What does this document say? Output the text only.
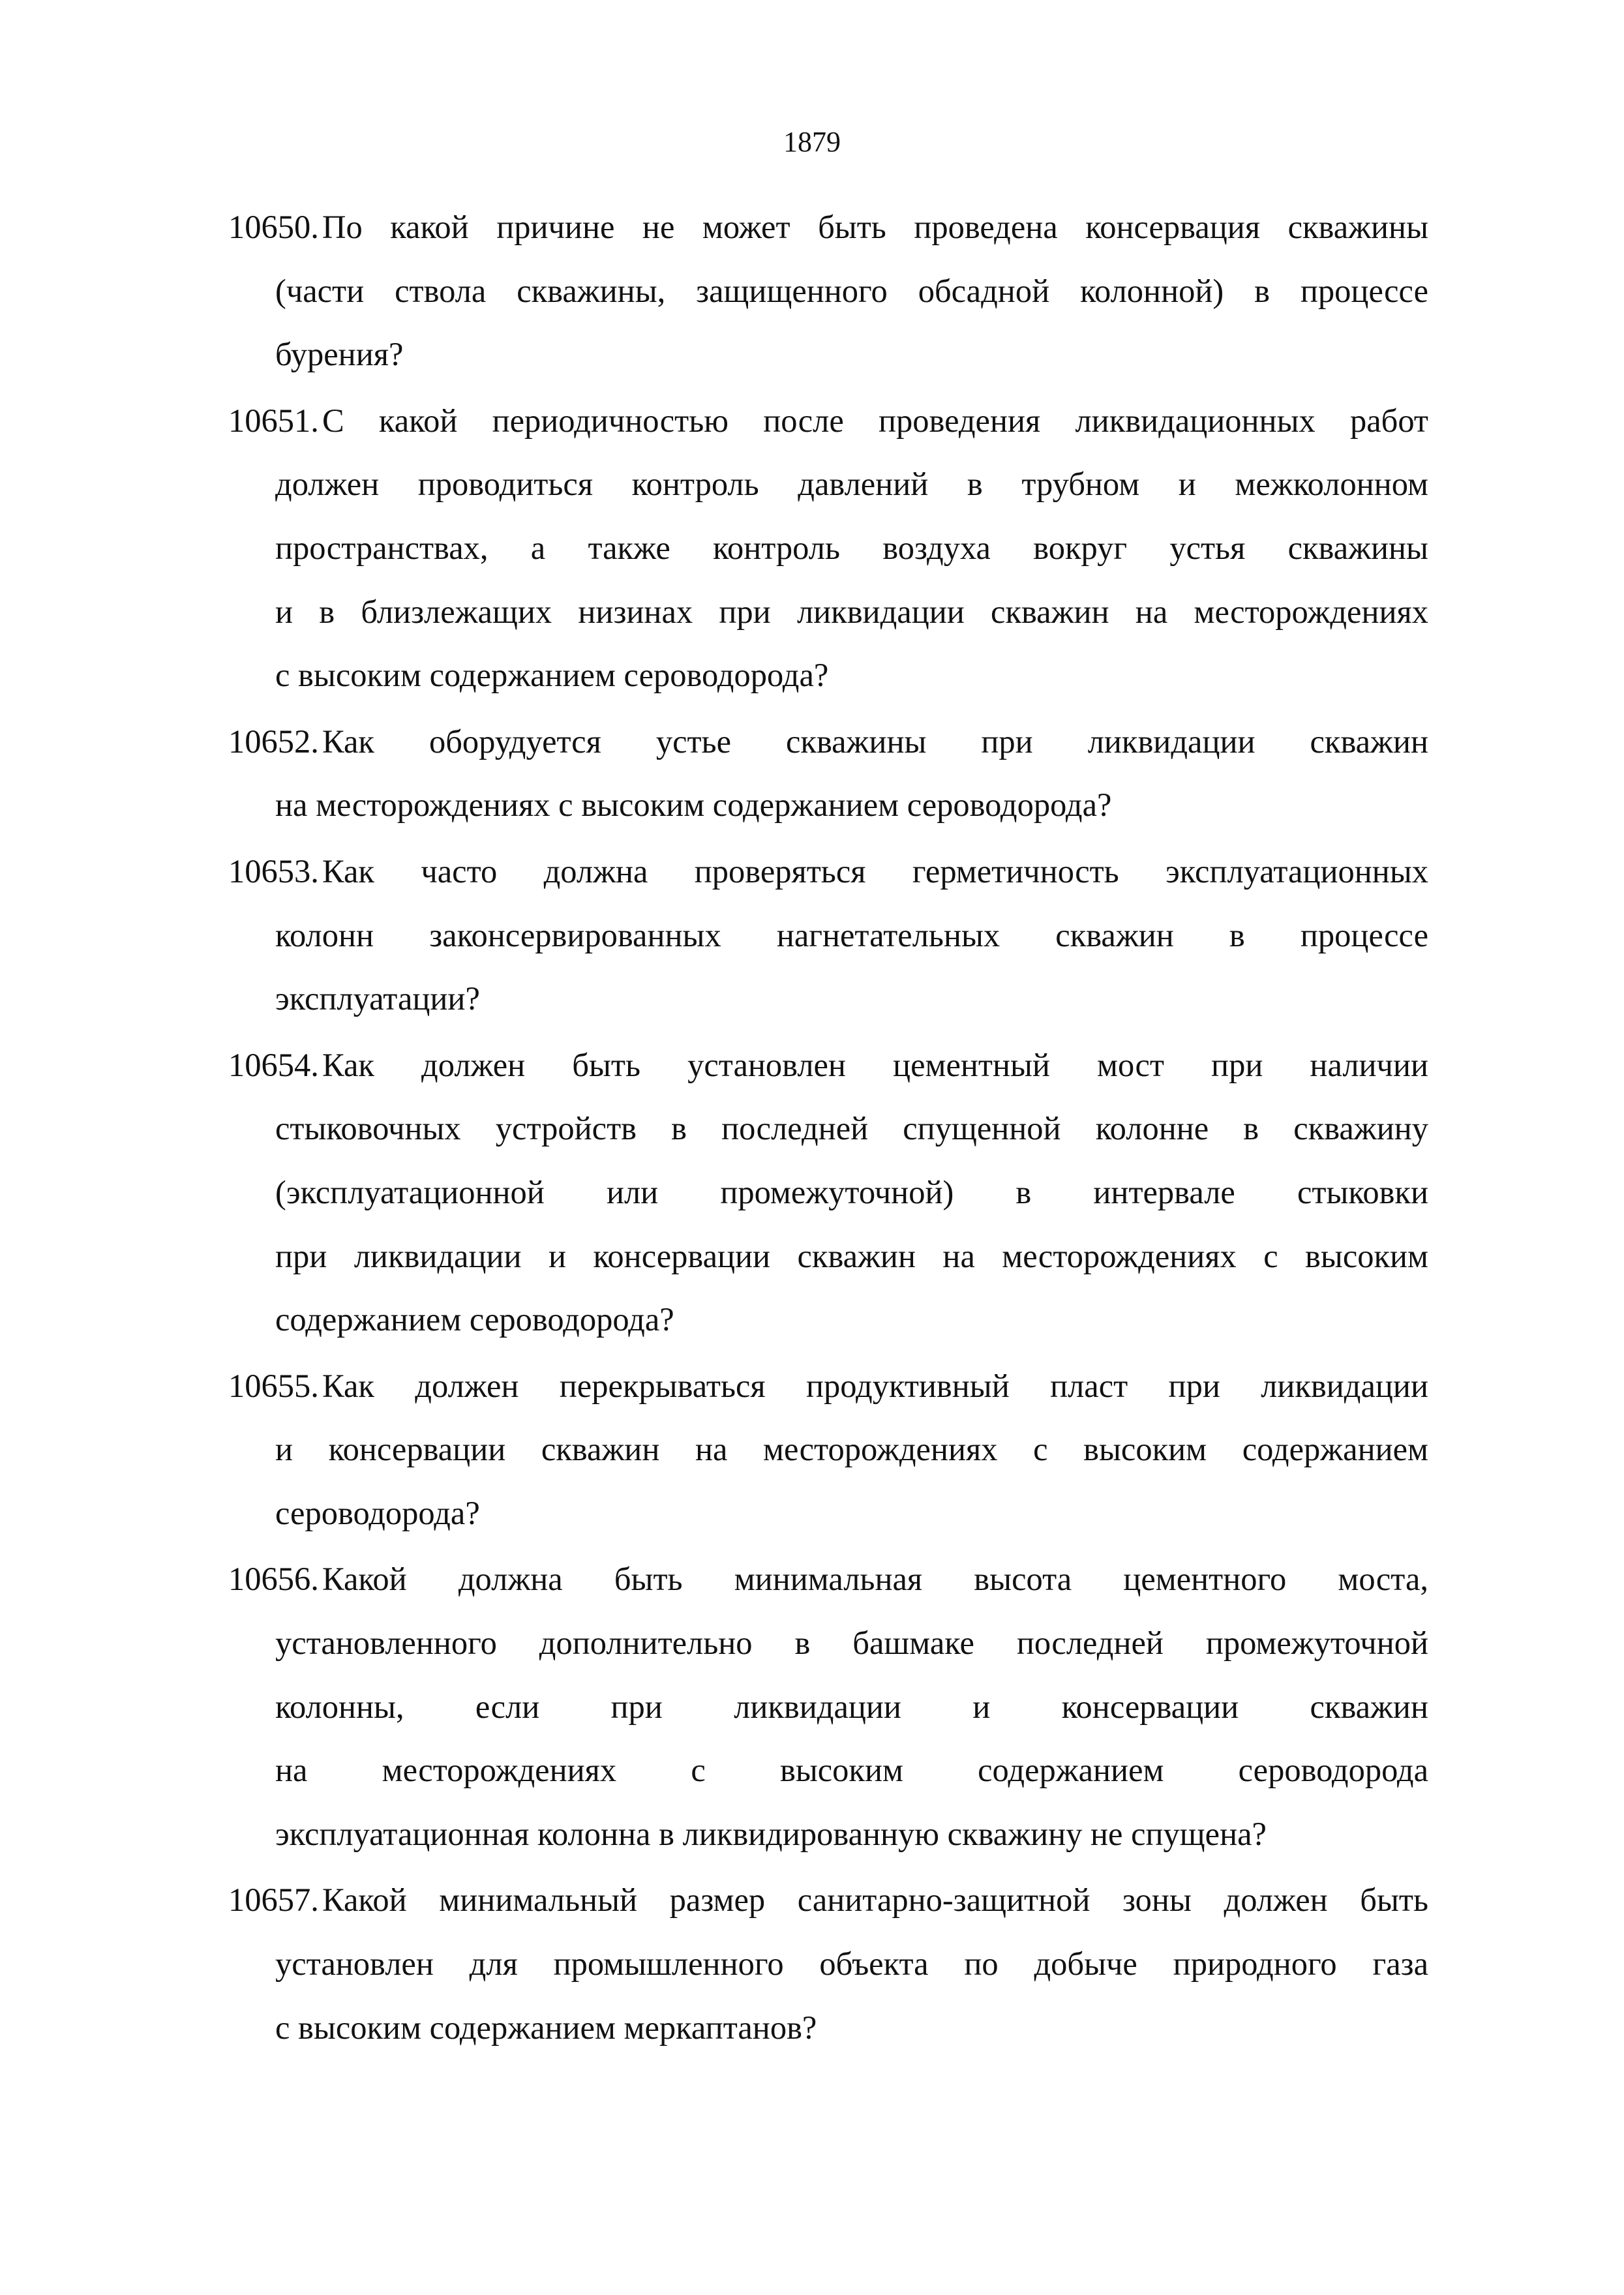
1879
10650. По какой причине не может быть проведена консервация скважины
(части ствола скважины, защищенного обсадной колонной) в процессе
бурения?
10651. С какой периодичностью после проведения ликвидационных работ
должен проводиться контроль давлений в трубном и межколонном
пространствах, а также контроль воздуха вокруг устья скважины
и в близлежащих низинах при ликвидации скважин на месторождениях
с высоким содержанием сероводорода?
10652. Как оборудуется устье скважины при ликвидации скважин
на месторождениях с высоким содержанием сероводорода?
10653. Как часто должна проверяться герметичность эксплуатационных
колонн законсервированных нагнетательных скважин в процессе
эксплуатации?
10654. Как должен быть установлен цементный мост при наличии
стыковочных устройств в последней спущенной колонне в скважину
(эксплуатационной или промежуточной) в интервале стыковки
при ликвидации и консервации скважин на месторождениях с высоким
содержанием сероводорода?
10655. Как должен перекрываться продуктивный пласт при ликвидации
и консервации скважин на месторождениях с высоким содержанием
сероводорода?
10656. Какой должна быть минимальная высота цементного моста,
установленного дополнительно в башмаке последней промежуточной
колонны, если при ликвидации и консервации скважин
на месторождениях с высоким содержанием сероводорода
эксплуатационная колонна в ликвидированную скважину не спущена?
10657. Какой минимальный размер санитарно-защитной зоны должен быть
установлен для промышленного объекта по добыче природного газа
с высоким содержанием меркаптанов?
